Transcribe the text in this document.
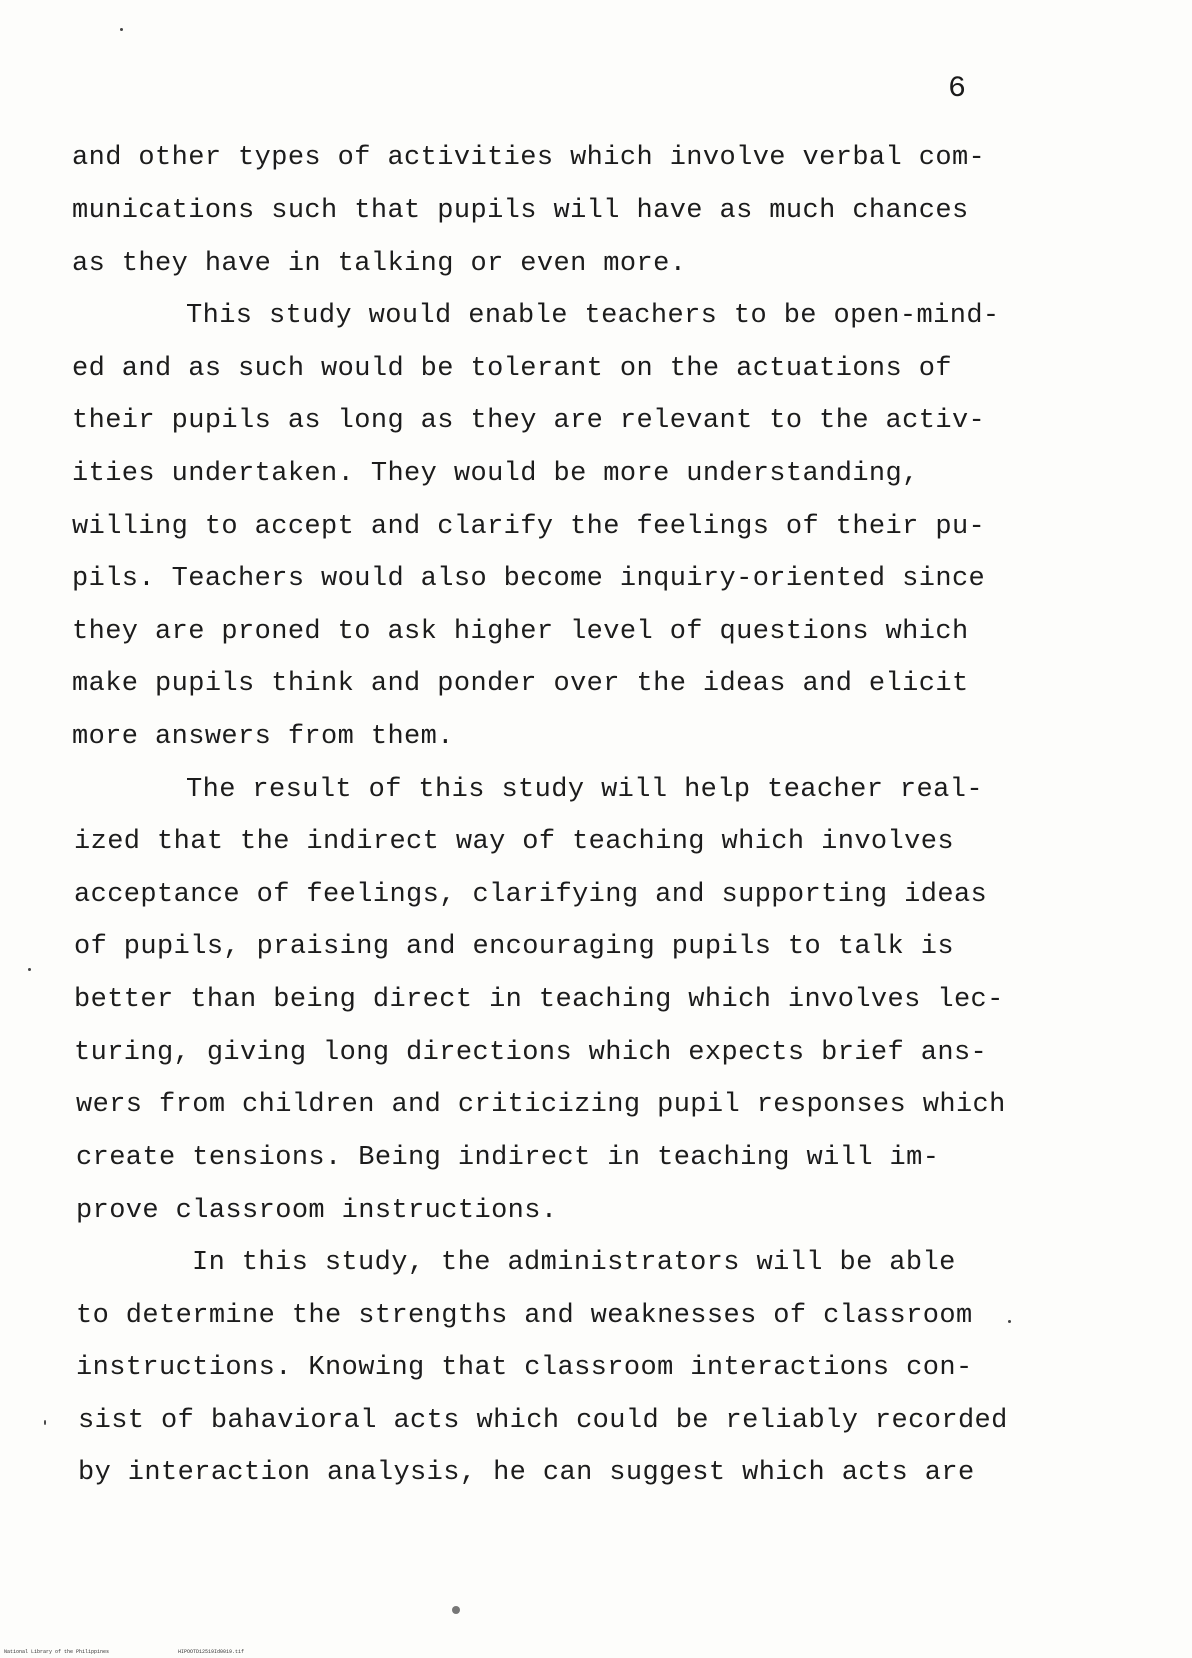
6
and other types of activities which involve verbal com-
munications such that pupils will have as much chances
as they have in talking or even more.
This study would enable teachers to be open-mind-
ed and as such would be tolerant on the actuations of
their pupils as long as they are relevant to the activ-
ities undertaken. They would be more understanding,
willing to accept and clarify the feelings of their pu-
pils. Teachers would also become inquiry-oriented since
they are proned to ask higher level of questions which
make pupils think and ponder over the ideas and elicit
more answers from them.
The result of this study will help teacher real-
ized that the indirect way of teaching which involves
acceptance of feelings, clarifying and supporting ideas
of pupils, praising and encouraging pupils to talk is
better than being direct in teaching which involves lec-
turing, giving long directions which expects brief ans-
wers from children and criticizing pupil responses which
create tensions. Being indirect in teaching will im-
prove classroom instructions.
In this study, the administrators will be able
to determine the strengths and weaknesses of classroom
instructions. Knowing that classroom interactions con-
sist of bahavioral acts which could be reliably recorded
by interaction analysis, he can suggest which acts are
National Library of the Philippines	HIPOOTD12519Id0019.tif
